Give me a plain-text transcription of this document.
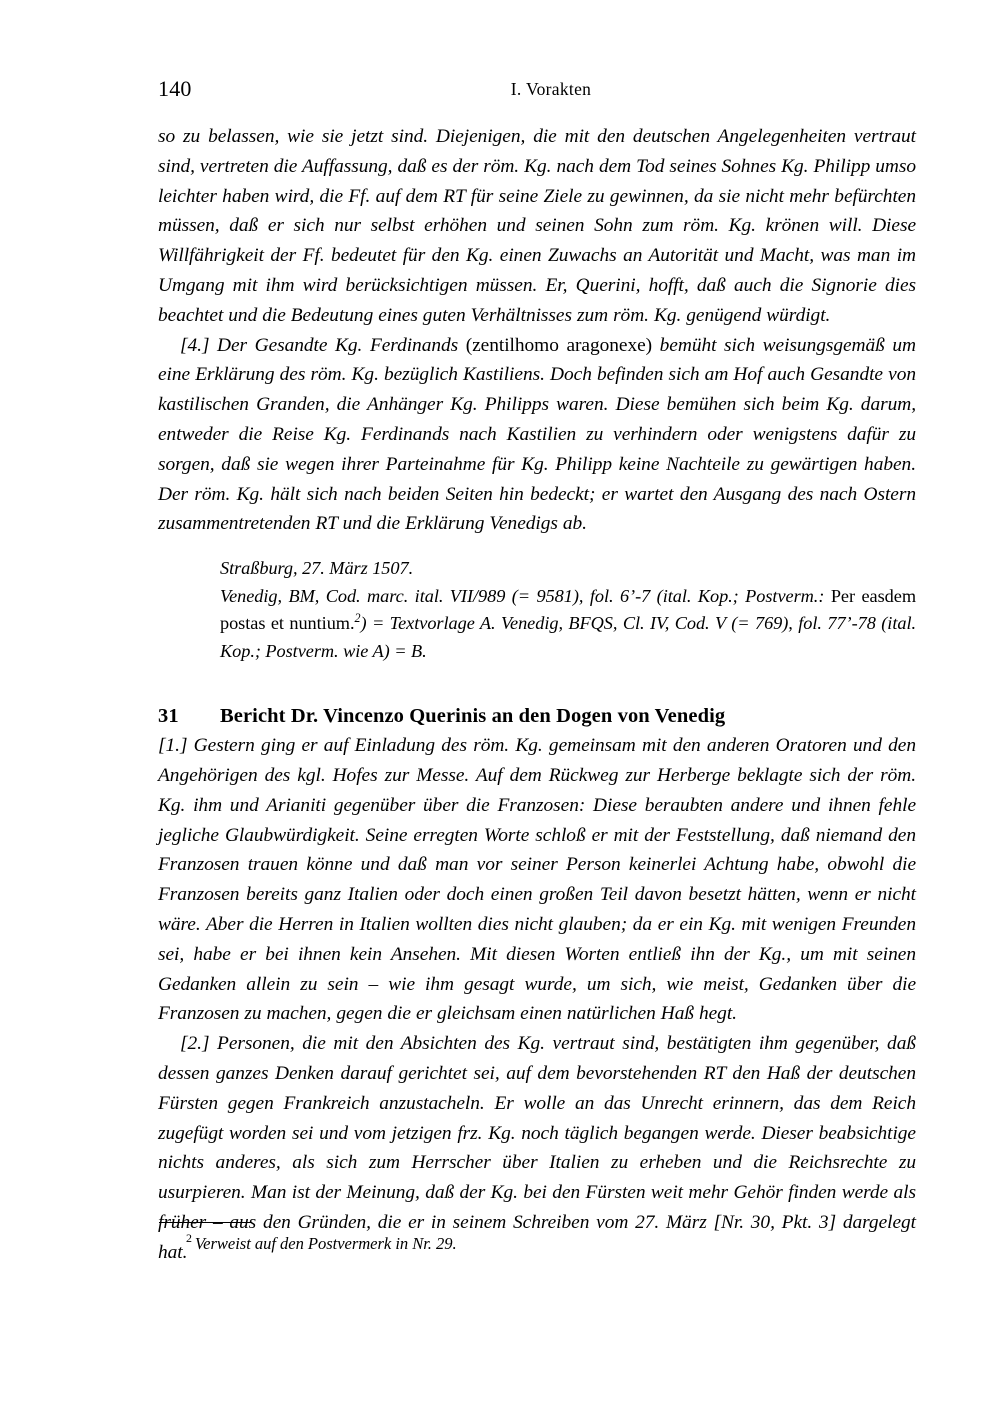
140	I. Vorakten

so zu belassen, wie sie jetzt sind. Diejenigen, die mit den deutschen Angelegenheiten vertraut sind, vertreten die Auffassung, daß es der röm. Kg. nach dem Tod seines Sohnes Kg. Philipp umso leichter haben wird, die Ff. auf dem RT für seine Ziele zu gewinnen, da sie nicht mehr befürchten müssen, daß er sich nur selbst erhöhen und seinen Sohn zum röm. Kg. krönen will. Diese Willfährigkeit der Ff. bedeutet für den Kg. einen Zuwachs an Autorität und Macht, was man im Umgang mit ihm wird berücksichtigen müssen. Er, Querini, hofft, daß auch die Signorie dies beachtet und die Bedeutung eines guten Verhältnisses zum röm. Kg. genügend würdigt.

[4.] Der Gesandte Kg. Ferdinands (zentilhomo aragonexe) bemüht sich weisungsgemäß um eine Erklärung des röm. Kg. bezüglich Kastiliens. Doch befinden sich am Hof auch Gesandte von kastilischen Granden, die Anhänger Kg. Philipps waren. Diese bemühen sich beim Kg. darum, entweder die Reise Kg. Ferdinands nach Kastilien zu verhindern oder wenigstens dafür zu sorgen, daß sie wegen ihrer Parteinahme für Kg. Philipp keine Nachteile zu gewärtigen haben. Der röm. Kg. hält sich nach beiden Seiten hin bedeckt; er wartet den Ausgang des nach Ostern zusammentretenden RT und die Erklärung Venedigs ab.

Straßburg, 27. März 1507.
Venedig, BM, Cod. marc. ital. VII/989 (= 9581), fol. 6’-7 (ital. Kop.; Postverm.: Per easdem postas et nuntium.$^2$) = Textvorlage A. Venedig, BFQS, Cl. IV, Cod. V (= 769), fol. 77’-78 (ital. Kop.; Postverm. wie A) = B.
31	Bericht Dr. Vincenzo Querinis an den Dogen von Venedig

[1.] Gestern ging er auf Einladung des röm. Kg. gemeinsam mit den anderen Oratoren und den Angehörigen des kgl. Hofes zur Messe. Auf dem Rückweg zur Herberge beklagte sich der röm. Kg. ihm und Arianiti gegenüber über die Franzosen: Diese beraubten andere und ihnen fehle jegliche Glaubwürdigkeit. Seine erregten Worte schloß er mit der Feststellung, daß niemand den Franzosen trauen könne und daß man vor seiner Person keinerlei Achtung habe, obwohl die Franzosen bereits ganz Italien oder doch einen großen Teil davon besetzt hätten, wenn er nicht wäre. Aber die Herren in Italien wollten dies nicht glauben; da er ein Kg. mit wenigen Freunden sei, habe er bei ihnen kein Ansehen. Mit diesen Worten entließ ihn der Kg., um mit seinen Gedanken allein zu sein – wie ihm gesagt wurde, um sich, wie meist, Gedanken über die Franzosen zu machen, gegen die er gleichsam einen natürlichen Haß hegt.

[2.] Personen, die mit den Absichten des Kg. vertraut sind, bestätigten ihm gegenüber, daß dessen ganzes Denken darauf gerichtet sei, auf dem bevorstehenden RT den Haß der deutschen Fürsten gegen Frankreich anzustacheln. Er wolle an das Unrecht erinnern, das dem Reich zugefügt worden sei und vom jetzigen frz. Kg. noch täglich begangen werde. Dieser beabsichtige nichts anderes, als sich zum Herrscher über Italien zu erheben und die Reichsrechte zu usurpieren. Man ist der Meinung, daß der Kg. bei den Fürsten weit mehr Gehör finden werde als früher – aus den Gründen, die er in seinem Schreiben vom 27. März [Nr. 30, Pkt. 3] dargelegt hat.

$^2$ Verweist auf den Postvermerk in Nr. 29.
